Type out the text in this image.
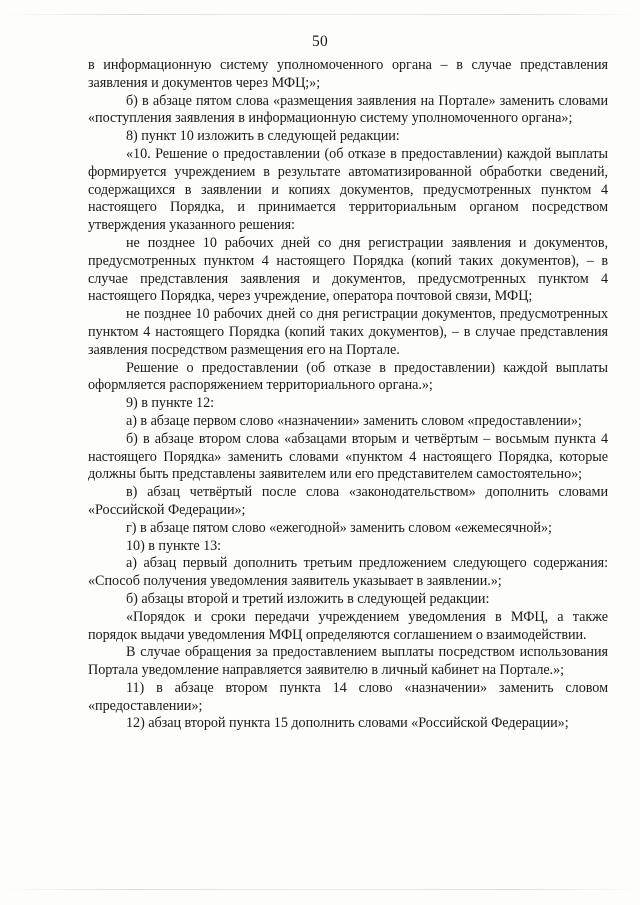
50

в информационную систему уполномоченного органа – в случае представления заявления и документов через МФЦ;»;

б) в абзаце пятом слова «размещения заявления на Портале» заменить словами «поступления заявления в информационную систему уполномоченного органа»;

8) пункт 10 изложить в следующей редакции:

«10. Решение о предоставлении (об отказе в предоставлении) каждой выплаты формируется учреждением в результате автоматизированной обработки сведений, содержащихся в заявлении и копиях документов, предусмотренных пунктом 4 настоящего Порядка, и принимается территориальным органом посредством утверждения указанного решения:

не позднее 10 рабочих дней со дня регистрации заявления и документов, предусмотренных пунктом 4 настоящего Порядка (копий таких документов), – в случае представления заявления и документов, предусмотренных пунктом 4 настоящего Порядка, через учреждение, оператора почтовой связи, МФЦ;

не позднее 10 рабочих дней со дня регистрации документов, предусмотренных пунктом 4 настоящего Порядка (копий таких документов), – в случае представления заявления посредством размещения его на Портале.

Решение о предоставлении (об отказе в предоставлении) каждой выплаты оформляется распоряжением территориального органа.»;

9) в пункте 12:

а) в абзаце первом слово «назначении» заменить словом «предоставлении»;

б) в абзаце втором слова «абзацами вторым и четвёртым – восьмым пункта 4 настоящего Порядка» заменить словами «пунктом 4 настоящего Порядка, которые должны быть представлены заявителем или его представителем самостоятельно»;

в) абзац четвёртый после слова «законодательством» дополнить словами «Российской Федерации»;

г) в абзаце пятом слово «ежегодной» заменить словом «ежемесячной»;

10) в пункте 13:

а) абзац первый дополнить третьим предложением следующего содержания: «Способ получения уведомления заявитель указывает в заявлении.»;

б) абзацы второй и третий изложить в следующей редакции:

«Порядок и сроки передачи учреждением уведомления в МФЦ, а также порядок выдачи уведомления МФЦ определяются соглашением о взаимодействии.

В случае обращения за предоставлением выплаты посредством использования Портала уведомление направляется заявителю в личный кабинет на Портале.»;

11) в абзаце втором пункта 14 слово «назначении» заменить словом «предоставлении»;

12) абзац второй пункта 15 дополнить словами «Российской Федерации»;
